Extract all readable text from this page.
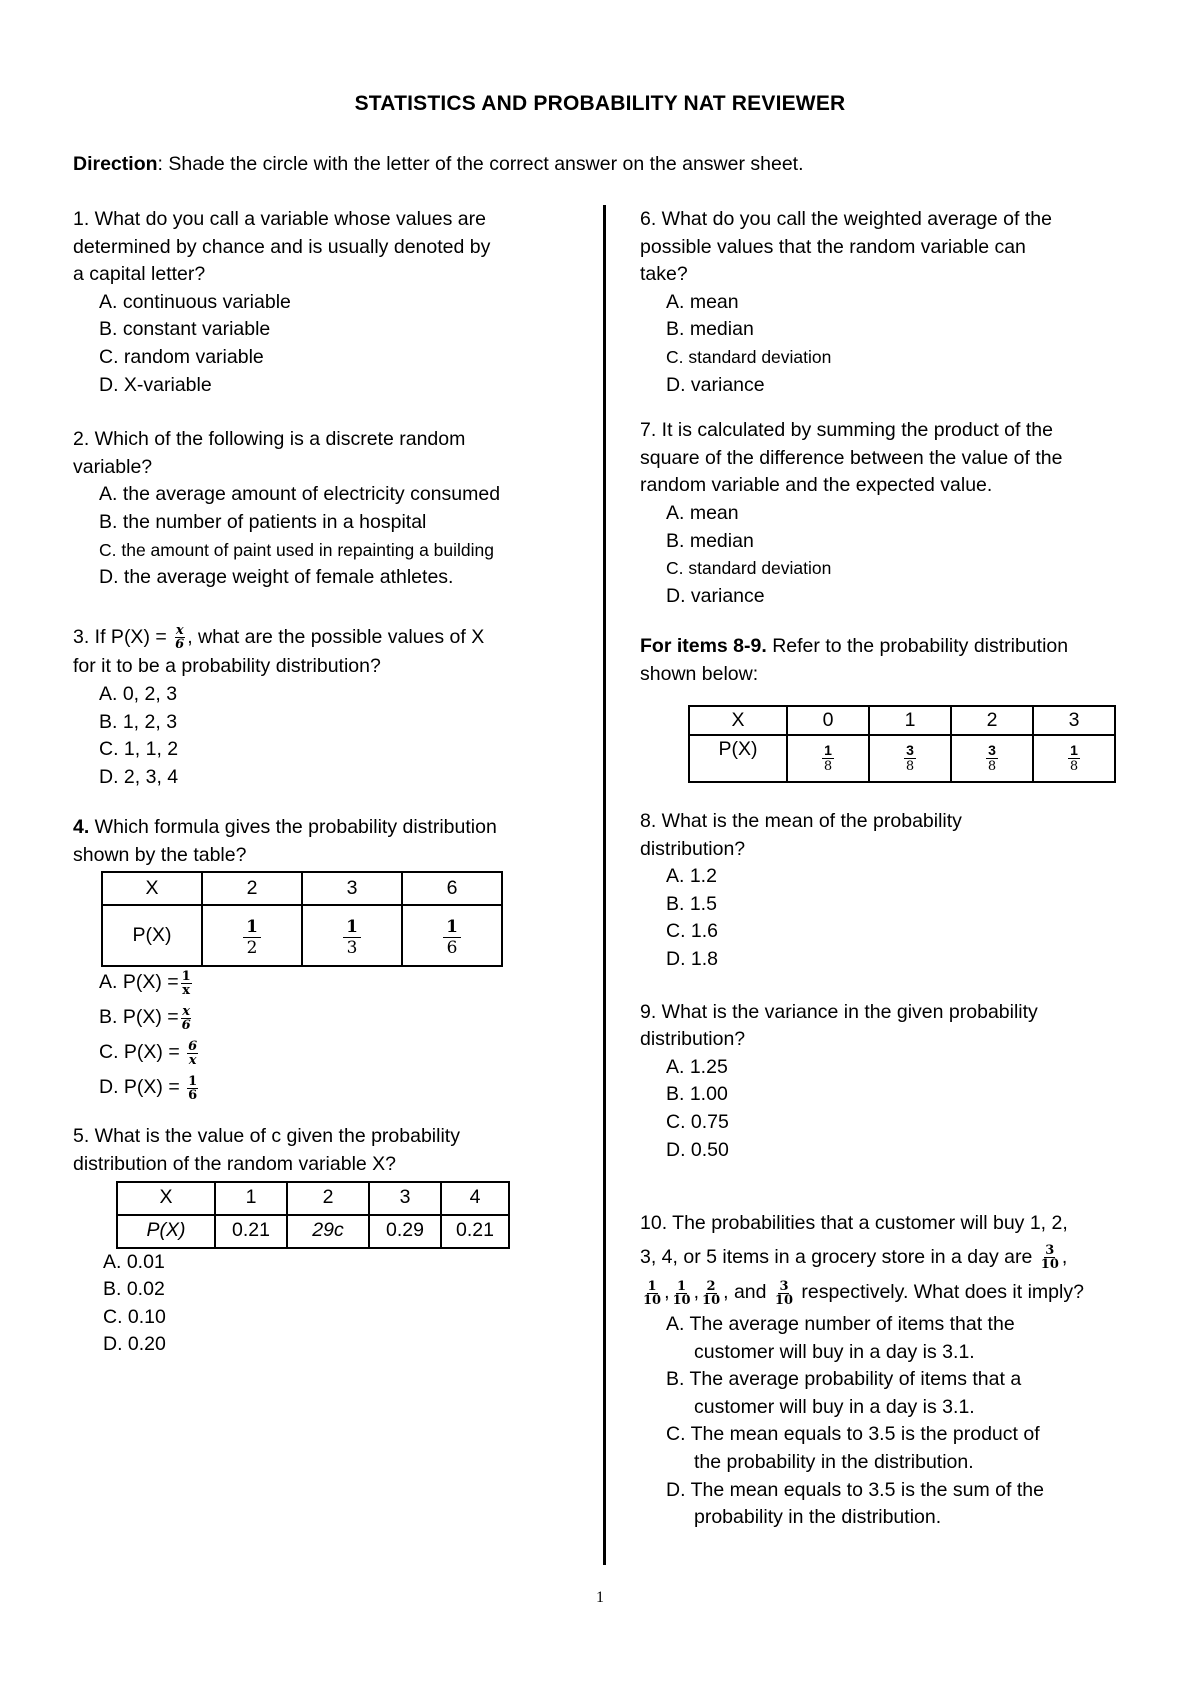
STATISTICS AND PROBABILITY NAT REVIEWER
Direction: Shade the circle with the letter of the correct answer on the answer sheet.
1. What do you call a variable whose values are
determined by chance and is usually denoted by
a capital letter?
A. continuous variable
B. constant variable
C. random variable
D. X-variable
2. Which of the following is a discrete random
variable?
A. the average amount of electricity consumed
B. the number of patients in a hospital
C. the amount of paint used in repainting a building
D. the average weight of female athletes.
3. If $P(X) = \frac{x}{6}$ , what are the possible values of X
for it to be a probability distribution?
A. 0, 2, 3
B. 1, 2, 3
C. 1, 1, 2
D. 2, 3, 4
4. Which formula gives the probability distribution
shown by the table?
X	2	3	6
P(X)	$\frac{1}{2}$	$\frac{1}{3}$	$\frac{1}{6}$
A. $P(X) = \frac{1}{x}$
B. $P(X) = \frac{x}{6}$
C. $P(X) = \frac{6}{x}$
D. $P(X) = \frac{1}{6}$
5. What is the value of c given the probability
distribution of the random variable X?
X	1	2	3	4
P(X)	0.21	29c	0.29	0.21
A. 0.01
B. 0.02
C. 0.10
D. 0.20
6. What do you call the weighted average of the
possible values that the random variable can
take?
A. mean
B. median
C. standard deviation
D. variance
7. It is calculated by summing the product of the
square of the difference between the value of the
random variable and the expected value.
A. mean
B. median
C. standard deviation
D. variance
For items 8-9. Refer to the probability distribution
shown below:
X	0	1	2	3
P(X)	$\frac{1}{8}$	$\frac{3}{8}$	$\frac{3}{8}$	$\frac{1}{8}$
8. What is the mean of the probability
distribution?
A. 1.2
B. 1.5
C. 1.6
D. 1.8
9. What is the variance in the given probability
distribution?
A. 1.25
B. 1.00
C. 0.75
D. 0.50
10. The probabilities that a customer will buy 1, 2,
3, 4, or 5 items in a grocery store in a day are $\frac{3}{10}$ ,
$\frac{1}{10}$ , $\frac{1}{10}$ , $\frac{2}{10}$ , and $\frac{3}{10}$ respectively. What does it imply?
A. The average number of items that the
customer will buy in a day is 3.1.
B. The average probability of items that a
customer will buy in a day is 3.1.
C. The mean equals to 3.5 is the product of
the probability in the distribution.
D. The mean equals to 3.5 is the sum of the
probability in the distribution.
1
